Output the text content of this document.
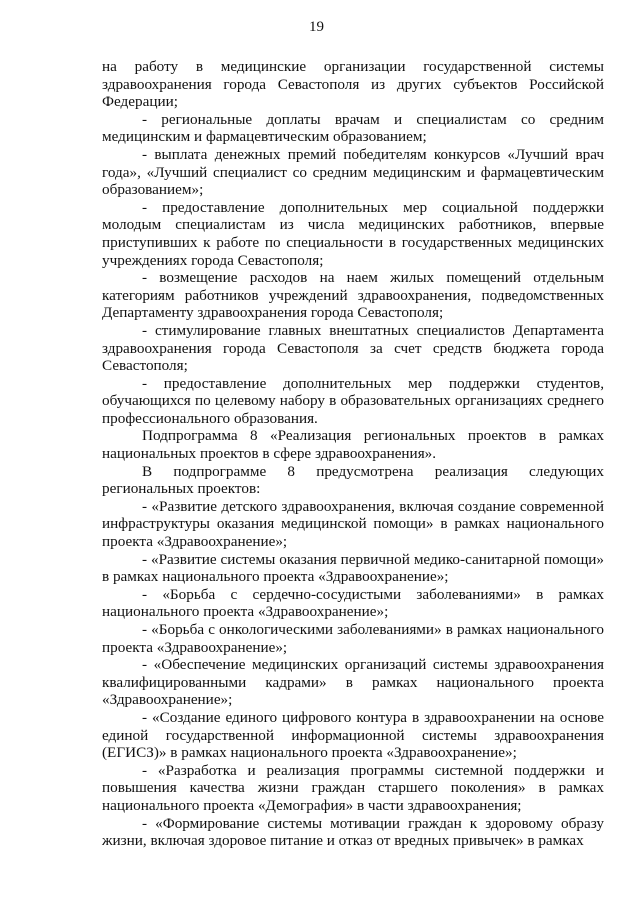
19

на работу в медицинские организации государственной системы здравоохранения города Севастополя из других субъектов Российской Федерации;

- региональные доплаты врачам и специалистам со средним медицинским и фармацевтическим образованием;

- выплата денежных премий победителям конкурсов «Лучший врач года», «Лучший специалист со средним медицинским и фармацевтическим образованием»;

- предоставление дополнительных мер социальной поддержки молодым специалистам из числа медицинских работников, впервые приступивших к работе по специальности в государственных медицинских учреждениях города Севастополя;

- возмещение расходов на наем жилых помещений отдельным категориям работников учреждений здравоохранения, подведомственных Департаменту здравоохранения города Севастополя;

- стимулирование главных внештатных специалистов Департамента здравоохранения города Севастополя за счет средств бюджета города Севастополя;

- предоставление дополнительных мер поддержки студентов, обучающихся по целевому набору в образовательных организациях среднего профессионального образования.

Подпрограмма 8 «Реализация региональных проектов в рамках национальных проектов в сфере здравоохранения».

В подпрограмме 8 предусмотрена реализация следующих региональных проектов:

- «Развитие детского здравоохранения, включая создание современной инфраструктуры оказания медицинской помощи» в рамках национального проекта «Здравоохранение»;

- «Развитие системы оказания первичной медико-санитарной помощи» в рамках национального проекта «Здравоохранение»;

- «Борьба с сердечно-сосудистыми заболеваниями» в рамках национального проекта «Здравоохранение»;

- «Борьба с онкологическими заболеваниями» в рамках национального проекта «Здравоохранение»;

- «Обеспечение медицинских организаций системы здравоохранения квалифицированными кадрами» в рамках национального проекта «Здравоохранение»;

- «Создание единого цифрового контура в здравоохранении на основе единой государственной информационной системы здравоохранения (ЕГИСЗ)» в рамках национального проекта «Здравоохранение»;

- «Разработка и реализация программы системной поддержки и повышения качества жизни граждан старшего поколения» в рамках национального проекта «Демография» в части здравоохранения;

- «Формирование системы мотивации граждан к здоровому образу жизни, включая здоровое питание и отказ от вредных привычек» в рамках
